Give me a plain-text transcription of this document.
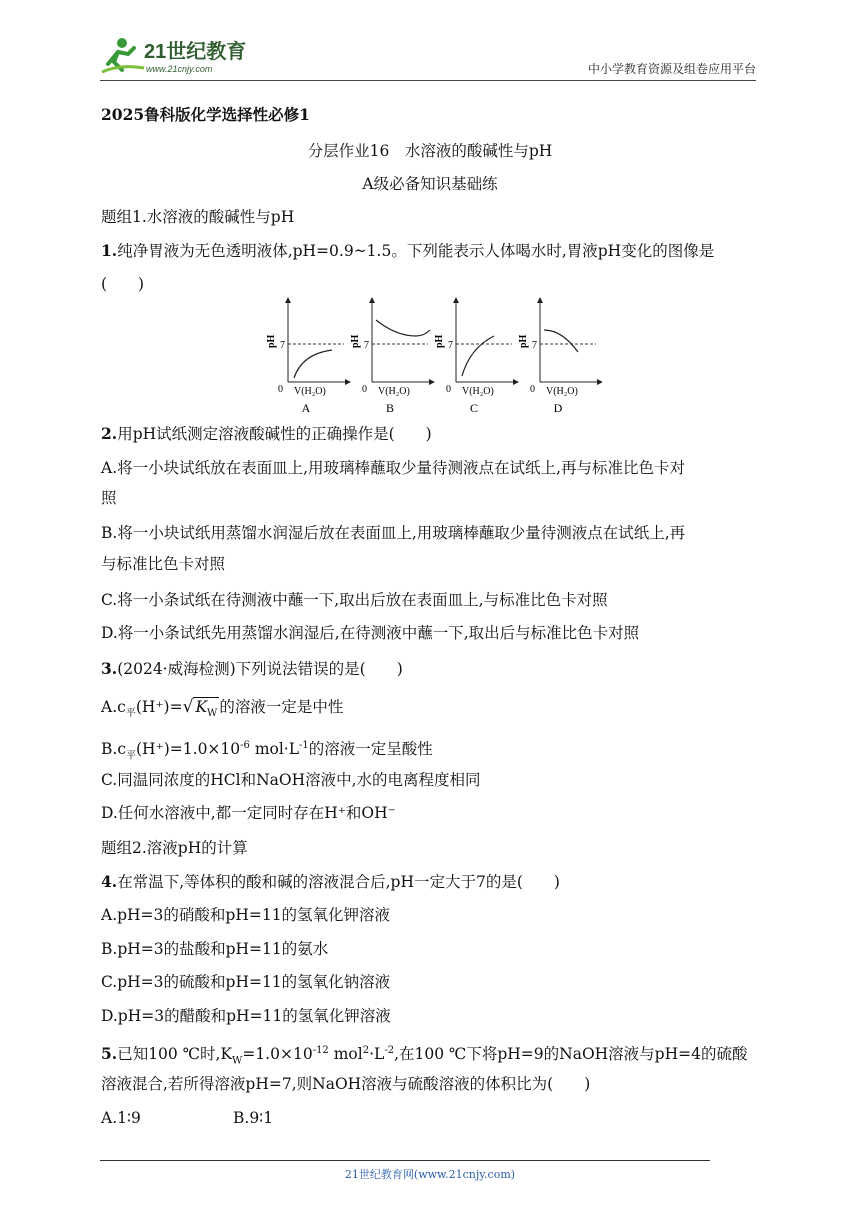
21世纪教育
www.21cnjy.com	中小学教育资源及组卷应用平台
2025鲁科版化学选择性必修1
分层作业16　水溶液的酸碱性与pH
A级必备知识基础练
题组1.水溶液的酸碱性与pH
1.纯净胃液为无色透明液体,pH=0.9~1.5。下列能表示人体喝水时,胃液pH变化的图像是
(　　)
pH 7
0 V(H₂O)
A
pH 7
0 V(H₂O)
B
pH 7
0 V(H₂O)
C
pH 7
0 V(H₂O)
D
2.用pH试纸测定溶液酸碱性的正确操作是(　　)
A.将一小块试纸放在表面皿上,用玻璃棒蘸取少量待测液点在试纸上,再与标准比色卡对
照
B.将一小块试纸用蒸馏水润湿后放在表面皿上,用玻璃棒蘸取少量待测液点在试纸上,再
与标准比色卡对照
C.将一小条试纸在待测液中蘸一下,取出后放在表面皿上,与标准比色卡对照
D.将一小条试纸先用蒸馏水润湿后,在待测液中蘸一下,取出后与标准比色卡对照
3.(2024·威海检测)下列说法错误的是(　　)
$A.c_平(H^+)=√$ $K_W$ 的溶液一定是中性
$B.c_平(H^+)=1.0\times 10^{-6}$ $mol\cdot L^{-1}$的溶液一定呈酸性
C.同温同浓度的HCl和NaOH溶液中,水的电离程度相同
D.任何水溶液中,都一定同时存在H⁺和OH⁻
题组2.溶液pH的计算
4.在常温下,等体积的酸和碱的溶液混合后,pH一定大于7的是(　　)
A.pH=3的硝酸和pH=11的氢氧化钾溶液
B.pH=3的盐酸和pH=11的氨水
C.pH=3的硫酸和pH=11的氢氧化钠溶液
D.pH=3的醋酸和pH=11的氢氧化钾溶液
5.已知100 ℃时$,K_W=1.0\times 10^{-12}$ $mol^2\cdot L^{-2}$,在100 ℃下将pH=9的NaOH溶液与pH=4的硫酸
溶液混合,若所得溶液pH=7,则NaOH溶液与硫酸溶液的体积比为(　　)
A.1∶9	B.9∶1
21世纪教育网(www.21cnjy.com)
